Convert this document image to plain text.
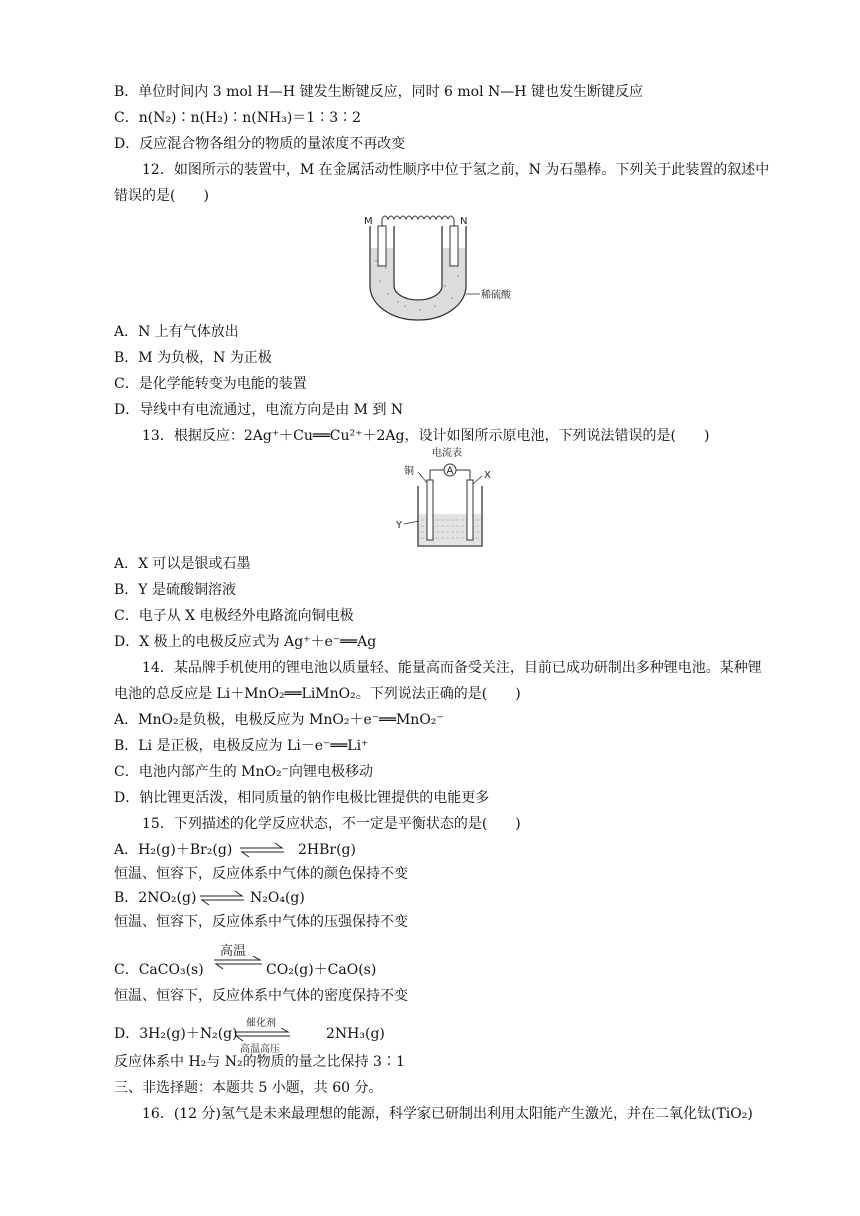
B．单位时间内 3 mol H—H 键发生断键反应，同时 6 mol N—H 键也发生断键反应
C．n(N₂)∶n(H₂)∶n(NH₃)＝1∶3∶2
D．反应混合物各组分的物质的量浓度不再改变
12．如图所示的装置中，M 在金属活动性顺序中位于氢之前，N 为石墨棒。下列关于此装置的叙述中
错误的是(　　)
M	N
稀硫酸
A．N 上有气体放出
B．M 为负极，N 为正极
C．是化学能转变为电能的装置
D．导线中有电流通过，电流方向是由 M 到 N
13．根据反应：2Ag⁺＋Cu══Cu²⁺＋2Ag，设计如图所示原电池，下列说法错误的是(　　)
电流表
A
铜	X
Y
A．X 可以是银或石墨
B．Y 是硫酸铜溶液
C．电子从 X 电极经外电路流向铜电极
D．X 极上的电极反应式为 Ag⁺＋e⁻══Ag
14．某品牌手机使用的锂电池以质量轻、能量高而备受关注，目前已成功研制出多种锂电池。某种锂
电池的总反应是 Li＋MnO₂══LiMnO₂。下列说法正确的是(　　)
A．MnO₂是负极，电极反应为 MnO₂＋e⁻══MnO₂⁻
B．Li 是正极，电极反应为 Li－e⁻══Li⁺
C．电池内部产生的 MnO₂⁻向锂电极移动
D．钠比锂更活泼，相同质量的钠作电极比锂提供的电能更多
15．下列描述的化学反应状态，不一定是平衡状态的是(　　)
A．H₂(g)＋Br₂(g)	2HBr(g)
恒温、恒容下，反应体系中气体的颜色保持不变
B．2NO₂(g)	N₂O₄(g)
恒温、恒容下，反应体系中气体的压强保持不变
高温
C．CaCO₃(s)	CO₂(g)＋CaO(s)
恒温、恒容下，反应体系中气体的密度保持不变
D．3H₂(g)＋N₂(g)
催化剂
高温高压
2NH₃(g)
反应体系中 H₂与 N₂的物质的量之比保持 3∶1
三、非选择题：本题共 5 小题，共 60 分。
16．(12 分)氢气是未来最理想的能源，科学家已研制出利用太阳能产生激光，并在二氧化钛(TiO₂)
